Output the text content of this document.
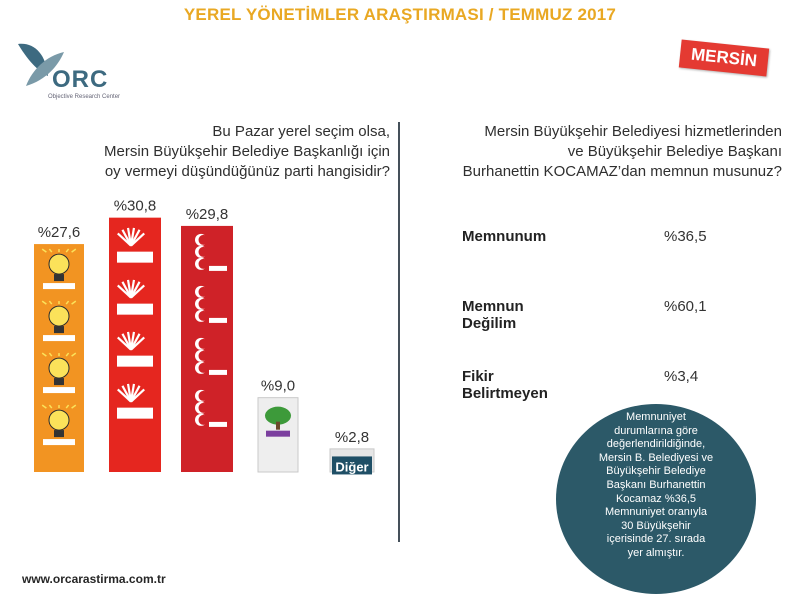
YEREL YÖNETİMLER ARAŞTIRMASI / TEMMUZ 2017
ORC
Objective Research Center
MERSİN
Bu Pazar yerel seçim olsa,
Mersin Büyükşehir Belediye Başkanlığı için
oy vermeyi düşündüğünüz parti hangisidir?
Mersin Büyükşehir Belediyesi hizmetlerinden
ve Büyükşehir Belediye Başkanı
Burhanettin KOCAMAZ’dan memnun musunuz?
%27,6
%30,8 %29,8
%9,0
%2,8
Diğer
Memnunum	%36,5
Memnun Değilim
%60,1
Fikir Belirtmeyen
%3,4
Memnuniyet
durumlarına göre
değerlendirildiğinde,
Mersin B. Belediyesi ve
Büyükşehir Belediye
Başkanı Burhanettin
Kocamaz %36,5
Memnuniyet oranıyla
30 Büyükşehir
içerisinde 27. sırada
yer almıştır.
www.orcarastirma.com.tr
